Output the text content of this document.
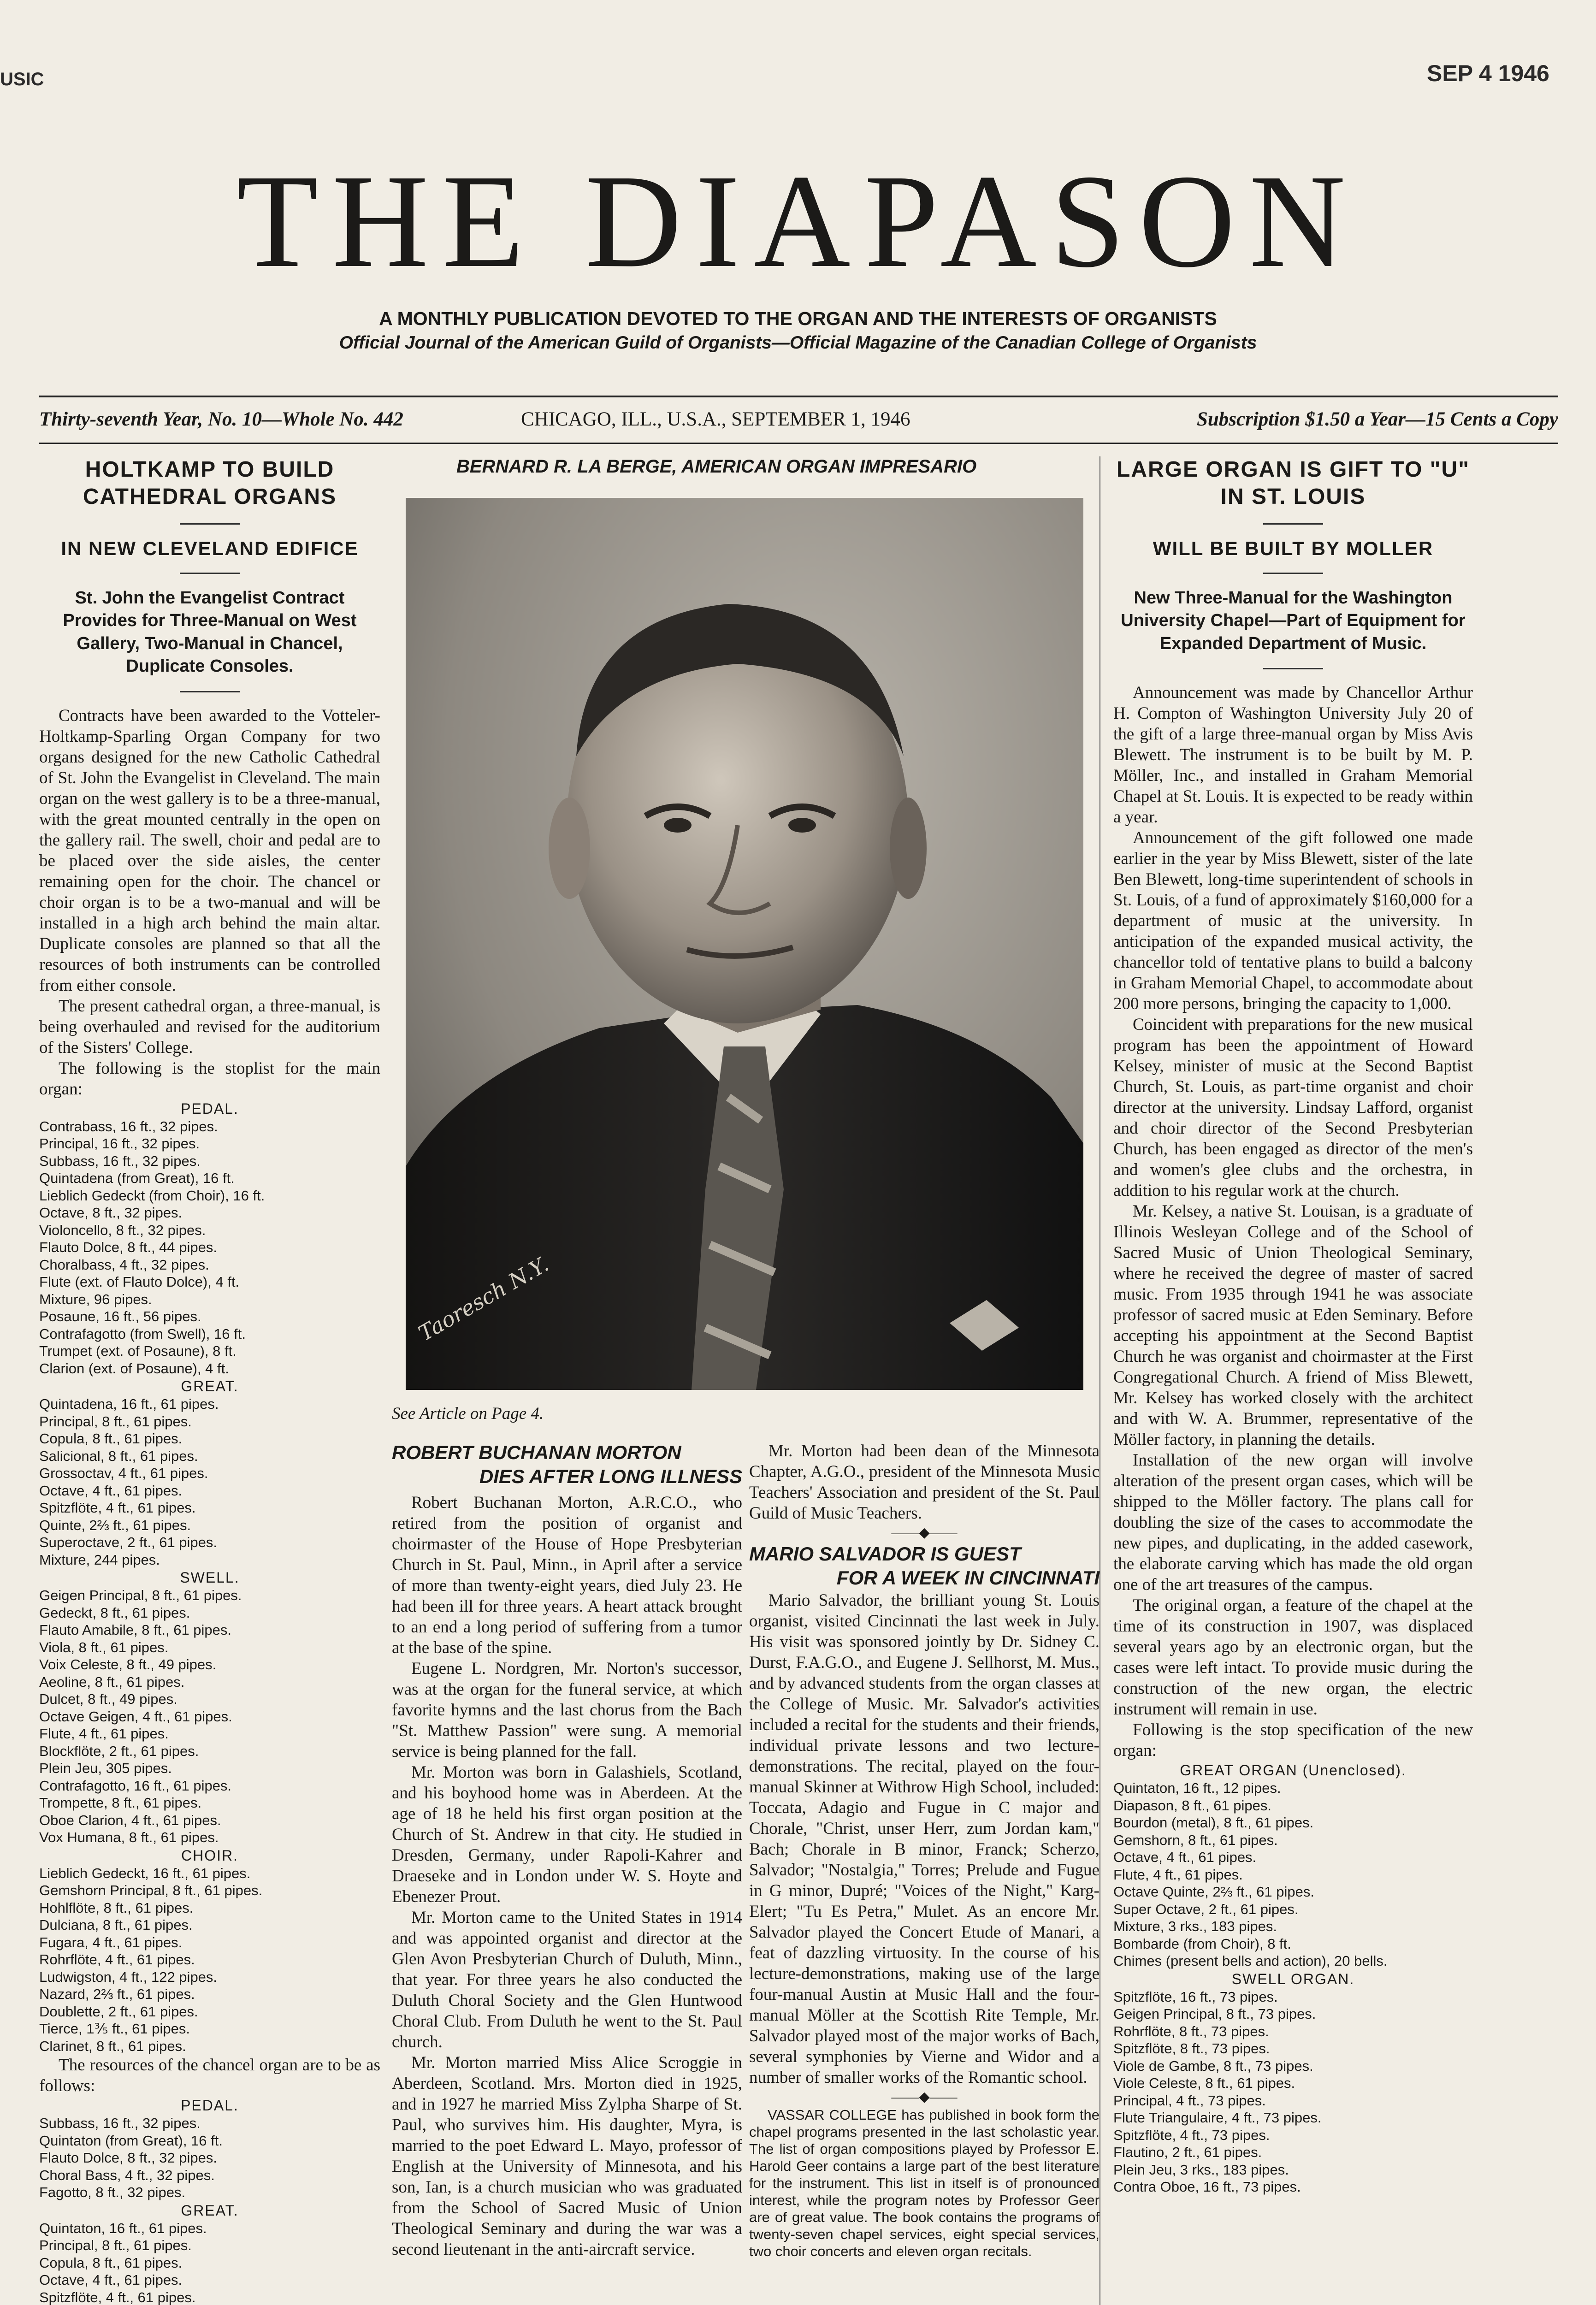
USIC	SEP 4 1946
THE DIAPASON
A MONTHLY PUBLICATION DEVOTED TO THE ORGAN AND THE INTERESTS OF ORGANISTS
Official Journal of the American Guild of Organists—Official Magazine of the Canadian College of Organists
Thirty-seventh Year, No. 10—Whole No. 442	CHICAGO, ILL., U.S.A., SEPTEMBER 1, 1946	Subscription $1.50 a Year—15 Cents a Copy
HOLTKAMP TO BUILD CATHEDRAL ORGANS
IN NEW CLEVELAND EDIFICE
St. John the Evangelist Contract Provides for Three-Manual on West Gallery, Two-Manual in Chancel, Duplicate Consoles.

Contracts have been awarded to the Votteler-Holtkamp-Sparling Organ Company for two organs designed for the new Catholic Cathedral of St. John the Evangelist in Cleveland. The main organ on the west gallery is to be a three-manual, with the great mounted centrally in the open on the gallery rail. The swell, choir and pedal are to be placed over the side aisles, the center remaining open for the choir. The chancel or choir organ is to be a two-manual and will be installed in a high arch behind the main altar. Duplicate consoles are planned so that all the resources of both instruments can be controlled from either console.

The present cathedral organ, a three-manual, is being overhauled and revised for the auditorium of the Sisters' College.

The following is the stoplist for the main organ:

PEDAL.
Contrabass, 16 ft., 32 pipes.
Principal, 16 ft., 32 pipes.
Subbass, 16 ft., 32 pipes.
Quintadena (from Great), 16 ft.
Lieblich Gedeckt (from Choir), 16 ft.
Octave, 8 ft., 32 pipes.
Violoncello, 8 ft., 32 pipes.
Flauto Dolce, 8 ft., 44 pipes.
Choralbass, 4 ft., 32 pipes.
Flute (ext. of Flauto Dolce), 4 ft.
Mixture, 96 pipes.
Posaune, 16 ft., 56 pipes.
Contrafagotto (from Swell), 16 ft.
Trumpet (ext. of Posaune), 8 ft.
Clarion (ext. of Posaune), 4 ft.
GREAT.
Quintadena, 16 ft., 61 pipes.
Principal, 8 ft., 61 pipes.
Copula, 8 ft., 61 pipes.
Salicional, 8 ft., 61 pipes.
Grossoctav, 4 ft., 61 pipes.
Octave, 4 ft., 61 pipes.
Spitzflöte, 4 ft., 61 pipes.
Quinte, 2⅔ ft., 61 pipes.
Superoctave, 2 ft., 61 pipes.
Mixture, 244 pipes.
SWELL.
Geigen Principal, 8 ft., 61 pipes.
Gedeckt, 8 ft., 61 pipes.
Flauto Amabile, 8 ft., 61 pipes.
Viola, 8 ft., 61 pipes.
Voix Celeste, 8 ft., 49 pipes.
Aeoline, 8 ft., 61 pipes.
Dulcet, 8 ft., 49 pipes.
Octave Geigen, 4 ft., 61 pipes.
Flute, 4 ft., 61 pipes.
Blockflöte, 2 ft., 61 pipes.
Plein Jeu, 305 pipes.
Contrafagotto, 16 ft., 61 pipes.
Trompette, 8 ft., 61 pipes.
Oboe Clarion, 4 ft., 61 pipes.
Vox Humana, 8 ft., 61 pipes.
CHOIR.
Lieblich Gedeckt, 16 ft., 61 pipes.
Gemshorn Principal, 8 ft., 61 pipes.
Hohlflöte, 8 ft., 61 pipes.
Dulciana, 8 ft., 61 pipes.
Fugara, 4 ft., 61 pipes.
Rohrflöte, 4 ft., 61 pipes.
Ludwigston, 4 ft., 122 pipes.
Nazard, 2⅔ ft., 61 pipes.
Doublette, 2 ft., 61 pipes.
Tierce, 1⅗ ft., 61 pipes.
Clarinet, 8 ft., 61 pipes.

The resources of the chancel organ are to be as follows:

PEDAL.
Subbass, 16 ft., 32 pipes.
Quintaton (from Great), 16 ft.
Flauto Dolce, 8 ft., 32 pipes.
Choral Bass, 4 ft., 32 pipes.
Fagotto, 8 ft., 32 pipes.
GREAT.
Quintaton, 16 ft., 61 pipes.
Principal, 8 ft., 61 pipes.
Copula, 8 ft., 61 pipes.
Octave, 4 ft., 61 pipes.
Spitzflöte, 4 ft., 61 pipes.
BERNARD R. LA BERGE, AMERICAN ORGAN IMPRESARIO
Taoresch N.Y.
See Article on Page 4.
ROBERT BUCHANAN MORTON
DIES AFTER LONG ILLNESS

Robert Buchanan Morton, A.R.C.O., who retired from the position of organist and choirmaster of the House of Hope Presbyterian Church in St. Paul, Minn., in April after a service of more than twenty-eight years, died July 23. He had been ill for three years. A heart attack brought to an end a long period of suffering from a tumor at the base of the spine.

Eugene L. Nordgren, Mr. Norton's successor, was at the organ for the funeral service, at which favorite hymns and the last chorus from the Bach "St. Matthew Passion" were sung. A memorial service is being planned for the fall.

Mr. Morton was born in Galashiels, Scotland, and his boyhood home was in Aberdeen. At the age of 18 he held his first organ position at the Church of St. Andrew in that city. He studied in Dresden, Germany, under Rapoli-Kahrer and Draeseke and in London under W. S. Hoyte and Ebenezer Prout.

Mr. Morton came to the United States in 1914 and was appointed organist and director at the Glen Avon Presbyterian Church of Duluth, Minn., that year. For three years he also conducted the Duluth Choral Society and the Glen Huntwood Choral Club. From Duluth he went to the St. Paul church.

Mr. Morton married Miss Alice Scroggie in Aberdeen, Scotland. Mrs. Morton died in 1925, and in 1927 he married Miss Zylpha Sharpe of St. Paul, who survives him. His daughter, Myra, is married to the poet Edward L. Mayo, professor of English at the University of Minnesota, and his son, Ian, is a church musician who was graduated from the School of Sacred Music of Union Theological Seminary and during the war was a second lieutenant in the anti-aircraft service.

Mr. Morton had been dean of the Minnesota Chapter, A.G.O., president of the Minnesota Music Teachers' Association and president of the St. Paul Guild of Music Teachers.

——◆——
MARIO SALVADOR IS GUEST
FOR A WEEK IN CINCINNATI

Mario Salvador, the brilliant young St. Louis organist, visited Cincinnati the last week in July. His visit was sponsored jointly by Dr. Sidney C. Durst, F.A.G.O., and Eugene J. Sellhorst, M. Mus., and by advanced students from the organ classes at the College of Music. Mr. Salvador's activities included a recital for the students and their friends, individual private lessons and two lecture-demonstrations. The recital, played on the four-manual Skinner at Withrow High School, included: Toccata, Adagio and Fugue in C major and Chorale, "Christ, unser Herr, zum Jordan kam," Bach; Chorale in B minor, Franck; Scherzo, Salvador; "Nostalgia," Torres; Prelude and Fugue in G minor, Dupré; "Voices of the Night," Karg-Elert; "Tu Es Petra," Mulet. As an encore Mr. Salvador played the Concert Etude of Manari, a feat of dazzling virtuosity. In the course of his lecture-demonstrations, making use of the large four-manual Austin at Music Hall and the four-manual Möller at the Scottish Rite Temple, Mr. Salvador played most of the major works of Bach, several symphonies by Vierne and Widor and a number of smaller works of the Romantic school.

——◆——
VASSAR COLLEGE has published in book form the chapel programs presented in the last scholastic year. The list of organ compositions played by Professor E. Harold Geer contains a large part of the best literature for the instrument. This list in itself is of pronounced interest, while the program notes by Professor Geer are of great value. The book contains the programs of twenty-seven chapel services, eight special services, two choir concerts and eleven organ recitals.
LARGE ORGAN IS GIFT TO "U" IN ST. LOUIS
WILL BE BUILT BY MOLLER
New Three-Manual for the Washington University Chapel—Part of Equipment for Expanded Department of Music.

Announcement was made by Chancellor Arthur H. Compton of Washington University July 20 of the gift of a large three-manual organ by Miss Avis Blewett. The instrument is to be built by M. P. Möller, Inc., and installed in Graham Memorial Chapel at St. Louis. It is expected to be ready within a year.

Announcement of the gift followed one made earlier in the year by Miss Blewett, sister of the late Ben Blewett, long-time superintendent of schools in St. Louis, of a fund of approximately $160,000 for a department of music at the university. In anticipation of the expanded musical activity, the chancellor told of tentative plans to build a balcony in Graham Memorial Chapel, to accommodate about 200 more persons, bringing the capacity to 1,000.

Coincident with preparations for the new musical program has been the appointment of Howard Kelsey, minister of music at the Second Baptist Church, St. Louis, as part-time organist and choir director at the university. Lindsay Lafford, organist and choir director of the Second Presbyterian Church, has been engaged as director of the men's and women's glee clubs and the orchestra, in addition to his regular work at the church.

Mr. Kelsey, a native St. Louisan, is a graduate of Illinois Wesleyan College and of the School of Sacred Music of Union Theological Seminary, where he received the degree of master of sacred music. From 1935 through 1941 he was associate professor of sacred music at Eden Seminary. Before accepting his appointment at the Second Baptist Church he was organist and choirmaster at the First Congregational Church. A friend of Miss Blewett, Mr. Kelsey has worked closely with the architect and with W. A. Brummer, representative of the Möller factory, in planning the details.

Installation of the new organ will involve alteration of the present organ cases, which will be shipped to the Möller factory. The plans call for doubling the size of the cases to accommodate the new pipes, and duplicating, in the added casework, the elaborate carving which has made the old organ one of the art treasures of the campus.

The original organ, a feature of the chapel at the time of its construction in 1907, was displaced several years ago by an electronic organ, but the cases were left intact. To provide music during the construction of the new organ, the electric instrument will remain in use.

Following is the stop specification of the new organ:

GREAT ORGAN (Unenclosed).
Quintaton, 16 ft., 12 pipes.
Diapason, 8 ft., 61 pipes.
Bourdon (metal), 8 ft., 61 pipes.
Gemshorn, 8 ft., 61 pipes.
Octave, 4 ft., 61 pipes.
Flute, 4 ft., 61 pipes.
Octave Quinte, 2⅔ ft., 61 pipes.
Super Octave, 2 ft., 61 pipes.
Mixture, 3 rks., 183 pipes.
Bombarde (from Choir), 8 ft.
Chimes (present bells and action), 20 bells.
SWELL ORGAN.
Spitzflöte, 16 ft., 73 pipes.
Geigen Principal, 8 ft., 73 pipes.
Rohrflöte, 8 ft., 73 pipes.
Spitzflöte, 8 ft., 73 pipes.
Viole de Gambe, 8 ft., 73 pipes.
Viole Celeste, 8 ft., 61 pipes.
Principal, 4 ft., 73 pipes.
Flute Triangulaire, 4 ft., 73 pipes.
Spitzflöte, 4 ft., 73 pipes.
Flautino, 2 ft., 61 pipes.
Plein Jeu, 3 rks., 183 pipes.
Contra Oboe, 16 ft., 73 pipes.
